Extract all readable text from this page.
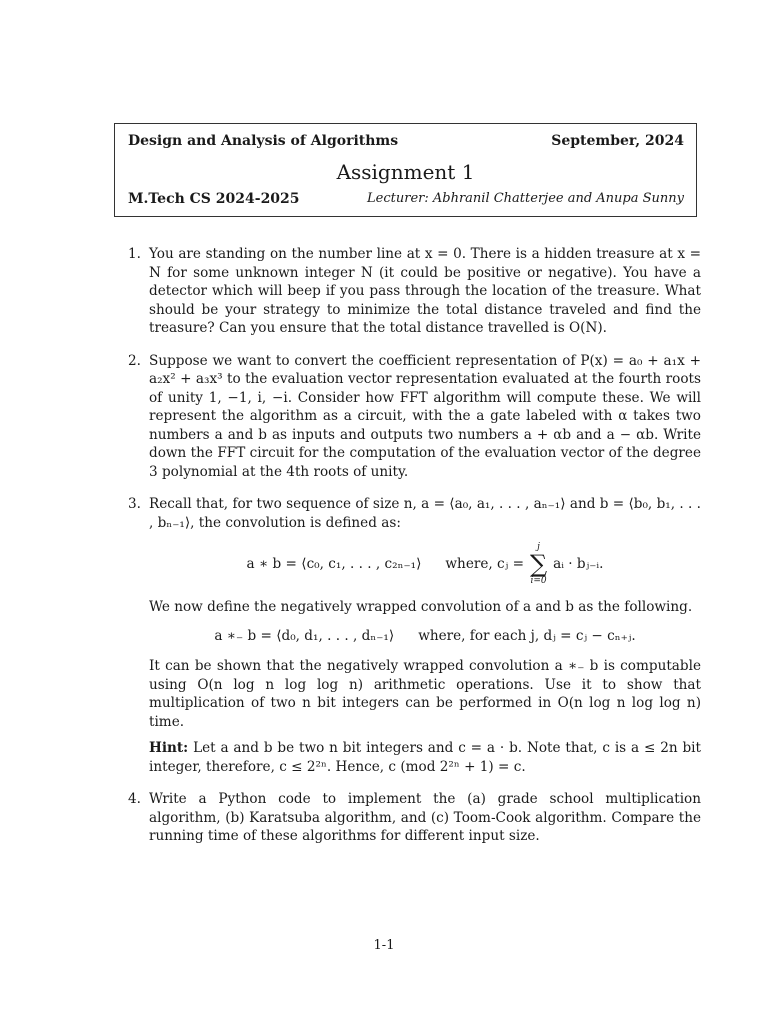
Design and Analysis of Algorithms	September, 2024
Assignment 1
M.Tech CS 2024-2025	Lecturer: Abhranil Chatterjee and Anupa Sunny
1. You are standing on the number line at x = 0. There is a hidden treasure at x = N for some unknown integer N (it could be positive or negative). You have a detector which will beep if you pass through the location of the treasure. What should be your strategy to minimize the total distance traveled and find the treasure? Can you ensure that the total distance travelled is O(N).

2. Suppose we want to convert the coefficient representation of P(x) = a₀ + a₁x + a₂x² + a₃x³ to the evaluation vector representation evaluated at the fourth roots of unity 1, −1, i, −i. Consider how FFT algorithm will compute these. We will represent the algorithm as a circuit, with the a gate labeled with α takes two numbers a and b as inputs and outputs two numbers a + αb and a − αb. Write down the FFT circuit for the computation of the evaluation vector of the degree 3 polynomial at the 4th roots of unity.

3. Recall that, for two sequence of size n, a = ⟨a₀, a₁, . . . , aₙ₋₁⟩ and b = ⟨b₀, b₁, . . . , bₙ₋₁⟩, the convolution is defined as:

a ∗ b = ⟨c₀, c₁, . . . , c₂ₙ₋₁⟩ where, cⱼ =
j
∑
i=0
aᵢ · bⱼ₋ᵢ.

We now define the negatively wrapped convolution of a and b as the following.

a ∗₋ b = ⟨d₀, d₁, . . . , dₙ₋₁⟩ where, for each j, dⱼ = cⱼ − cₙ₊ⱼ.

It can be shown that the negatively wrapped convolution a ∗₋ b is computable using O(n log n log log n) arithmetic operations. Use it to show that multiplication of two n bit integers can be performed in O(n log n log log n) time.

Hint: Let a and b be two n bit integers and c = a · b. Note that, c is a ≤ 2n bit integer, therefore, c ≤ 2²ⁿ. Hence, c (mod 2²ⁿ + 1) = c.

4. Write a Python code to implement the (a) grade school multiplication algorithm, (b) Karatsuba algorithm, and (c) Toom-Cook algorithm. Compare the running time of these algorithms for different input size.

1-1
